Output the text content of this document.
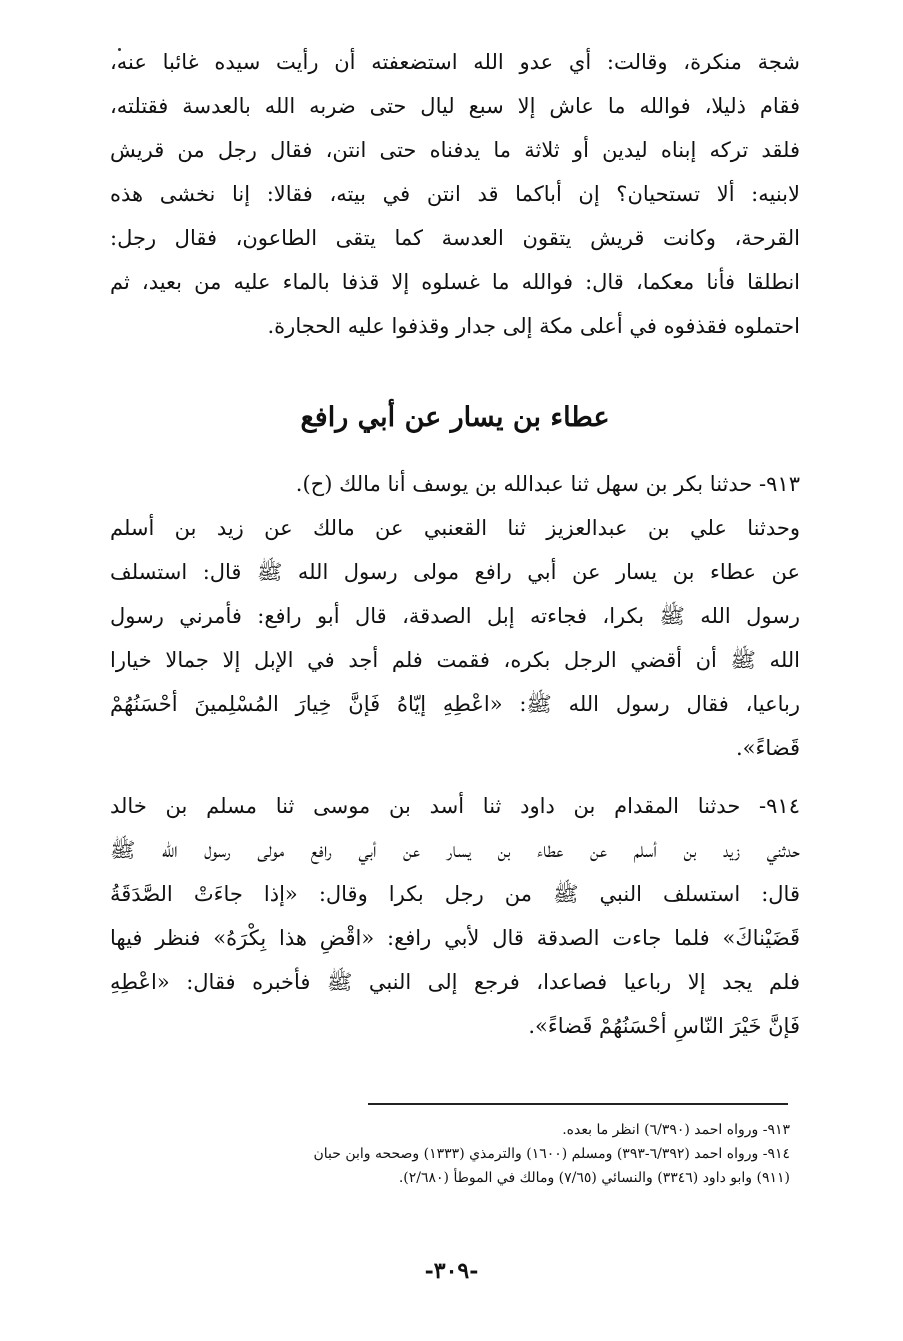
شجة منكرة، وقالت: أي عدو الله استضعفته أن رأيت سيده غائبا عنه،
فقام ذليلا، فوالله ما عاش إلا سبع ليال حتى ضربه الله بالعدسة فقتلته،
فلقد تركه إبناه ليدين أو ثلاثة ما يدفناه حتى انتن، فقال رجل من قريش
لابنيه: ألا تستحيان؟ إن أباكما قد انتن في بيته، فقالا: إنا نخشى هذه
القرحة، وكانت قريش يتقون العدسة كما يتقى الطاعون، فقال رجل:
انطلقا فأنا معكما، قال: فوالله ما غسلوه إلا قذفا بالماء عليه من بعيد، ثم
احتملوه فقذفوه في أعلى مكة إلى جدار وقذفوا عليه الحجارة.
عطاء بن يسار عن أبي رافع
٩١٣- حدثنا بكر بن سهل ثنا عبدالله بن يوسف أنا مالك (ح).
وحدثنا علي بن عبدالعزيز ثنا القعنبي عن مالك عن زيد بن أسلم
عن عطاء بن يسار عن أبي رافع مولى رسول الله ﷺ قال: استسلف
رسول الله ﷺ بكرا، فجاءته إبل الصدقة، قال أبو رافع: فأمرني رسول
الله ﷺ أن أقضي الرجل بكره، فقمت فلم أجد في الإبل إلا جمالا خيارا
رباعيا، فقال رسول الله ﷺ: «اعْطِهِ إيّاهُ فَإنَّ خِيارَ المُسْلِمينَ أحْسَنُهُمْ
قَضاءً».
٩١٤- حدثنا المقدام بن داود ثنا أسد بن موسى ثنا مسلم بن خالد
حدثني زيد بن أسلم عن عطاء بن يسار عن أبي رافع مولى رسول الله ﷺ
قال: استسلف النبي ﷺ من رجل بكرا وقال: «إذا جاءَتْ الصَّدَقَةُ
قَضَيْناكَ» فلما جاءت الصدقة قال لأبي رافع: «اقْضِ هذا بِكْرَهُ» فنظر فيها
فلم يجد إلا رباعيا فصاعدا، فرجع إلى النبي ﷺ فأخبره فقال: «اعْطِهِ
فَإنَّ خَيْرَ النّاسِ أحْسَنُهُمْ قَضاءً».
٩١٣- ورواه احمد (٦/٣٩٠) انظر ما بعده.
٩١٤- ورواه احمد (٦/٣٩٢-٣٩٣) ومسلم (١٦٠٠) والترمذي (١٣٣٣) وصححه وابن حبان
(٩١١) وابو داود (٣٣٤٦) والنسائي (٧/٦٥) ومالك في الموطأ (٢/٦٨٠).
-٣٠٩-
